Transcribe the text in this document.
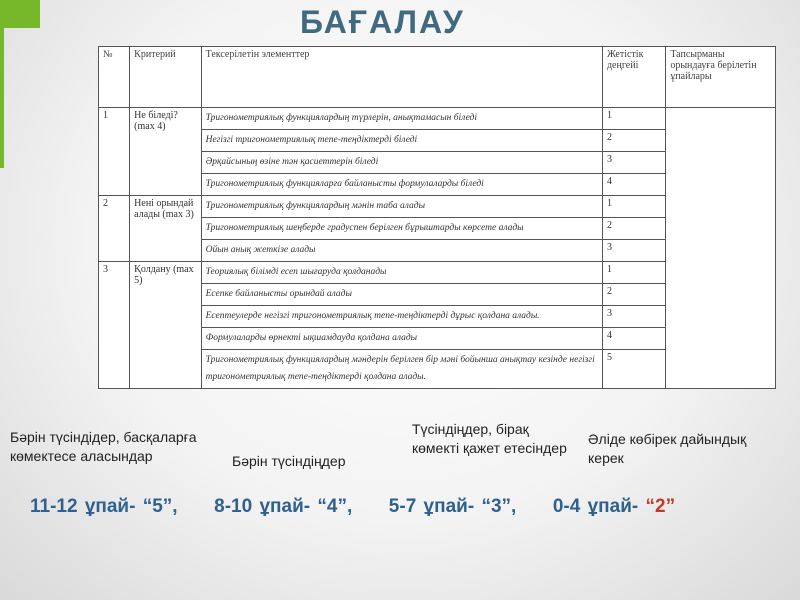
БАҒАЛАУ
№	Критерий	Тексерілетін элементтер	Жетістік деңгейі	Тапсырманы орындауға берілетін ұпайлары
1	Не біледі? (max 4)	Тригонометриялық функциялардың түрлерін, анықтамасын біледі	1	
		Негізгі тригонометриялық тепе-теңдіктерді біледі	2	
		Әрқайсының өзіне тән қасиеттерін біледі	3	
		Тригонометриялық функцияларға байланысты формулаларды біледі	4	
2	Нені орындай алады (max 3)	Тригонометриялық функциялардың мәнін таба алады	1	
		Тригонометриялық шеңберде градуспен берілген бұрыштарды көрсете алады	2	
		Ойын анық жеткізе алады	3	
3	Қолдану (max 5)	Теориялық білімді есеп шығаруда қолданады	1	
		Есепке байланысты орындай алады	2	
		Есептеулерде негізгі тригонометриялық тепе-теңдіктерді дұрыс қолдана алады.	3	
		Формулаларды өрнекті ықшамдауда қолдана алады	4	
		Тригонометриялық функциялардың мәндерін берілген бір мәні бойынша анықтау кезінде негізгі тригонометриялық тепе-теңдіктерді қолдана алады.	5	
Бәрін түсіндідер, басқаларға көмектесе аласындар	Бәрін түсіндіңдер
Түсіндіңдер, бірақ көмекті қажет етесіндер
Әліде көбірек дайындық керек
11-12 ұпай- “5”, 8-10 ұпай- “4”, 5-7 ұпай- “3”, 0-4 ұпай- “2”
